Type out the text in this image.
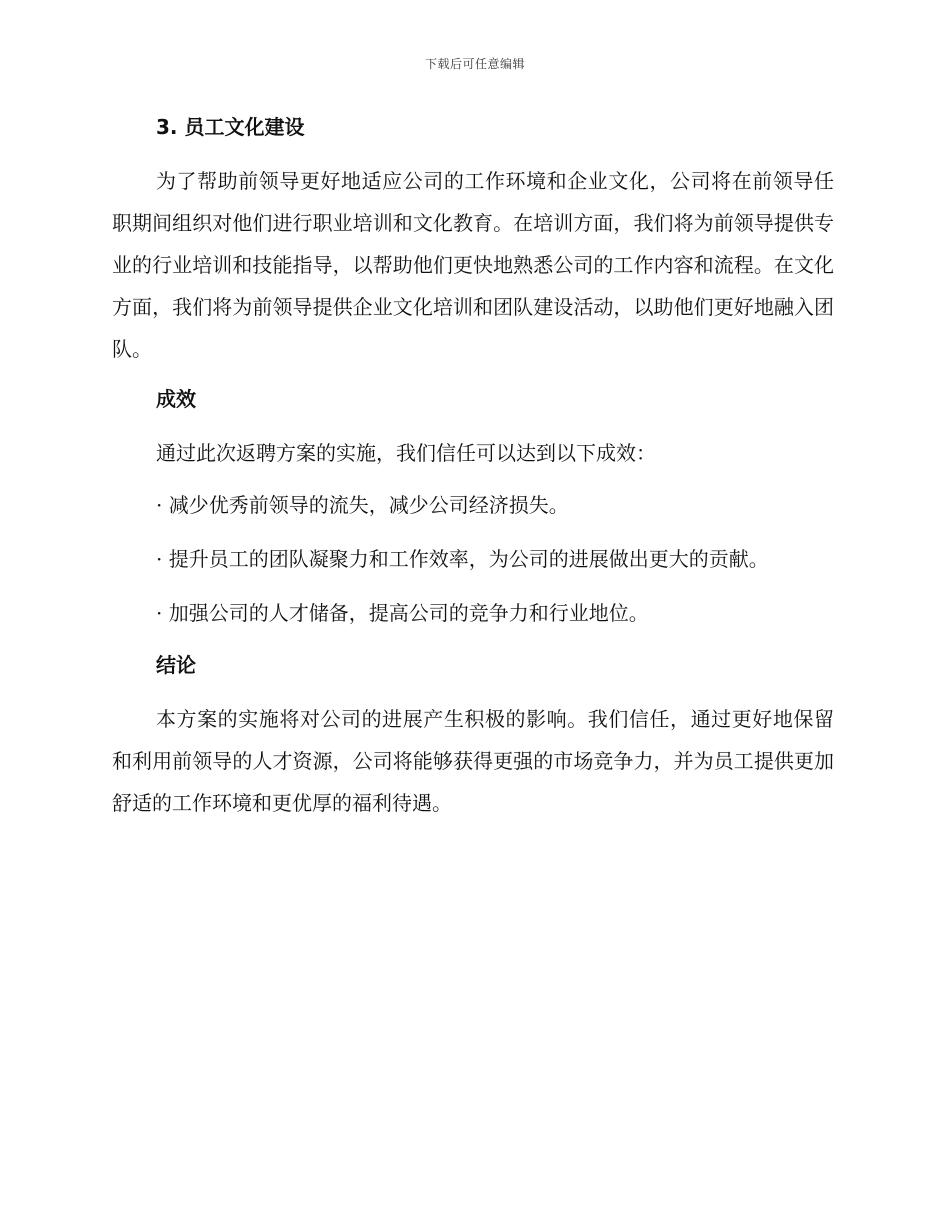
下载后可任意编辑
3. 员工文化建设

为了帮助前领导更好地适应公司的工作环境和企业文化，公司将在前领导任职期间组织对他们进行职业培训和文化教育。在培训方面，我们将为前领导提供专业的行业培训和技能指导，以帮助他们更快地熟悉公司的工作内容和流程。在文化方面，我们将为前领导提供企业文化培训和团队建设活动，以助他们更好地融入团队。

成效

通过此次返聘方案的实施，我们信任可以达到以下成效：

· 减少优秀前领导的流失，减少公司经济损失。

· 提升员工的团队凝聚力和工作效率，为公司的进展做出更大的贡献。

· 加强公司的人才储备，提高公司的竞争力和行业地位。

结论

本方案的实施将对公司的进展产生积极的影响。我们信任，通过更好地保留和利用前领导的人才资源，公司将能够获得更强的市场竞争力，并为员工提供更加舒适的工作环境和更优厚的福利待遇。
